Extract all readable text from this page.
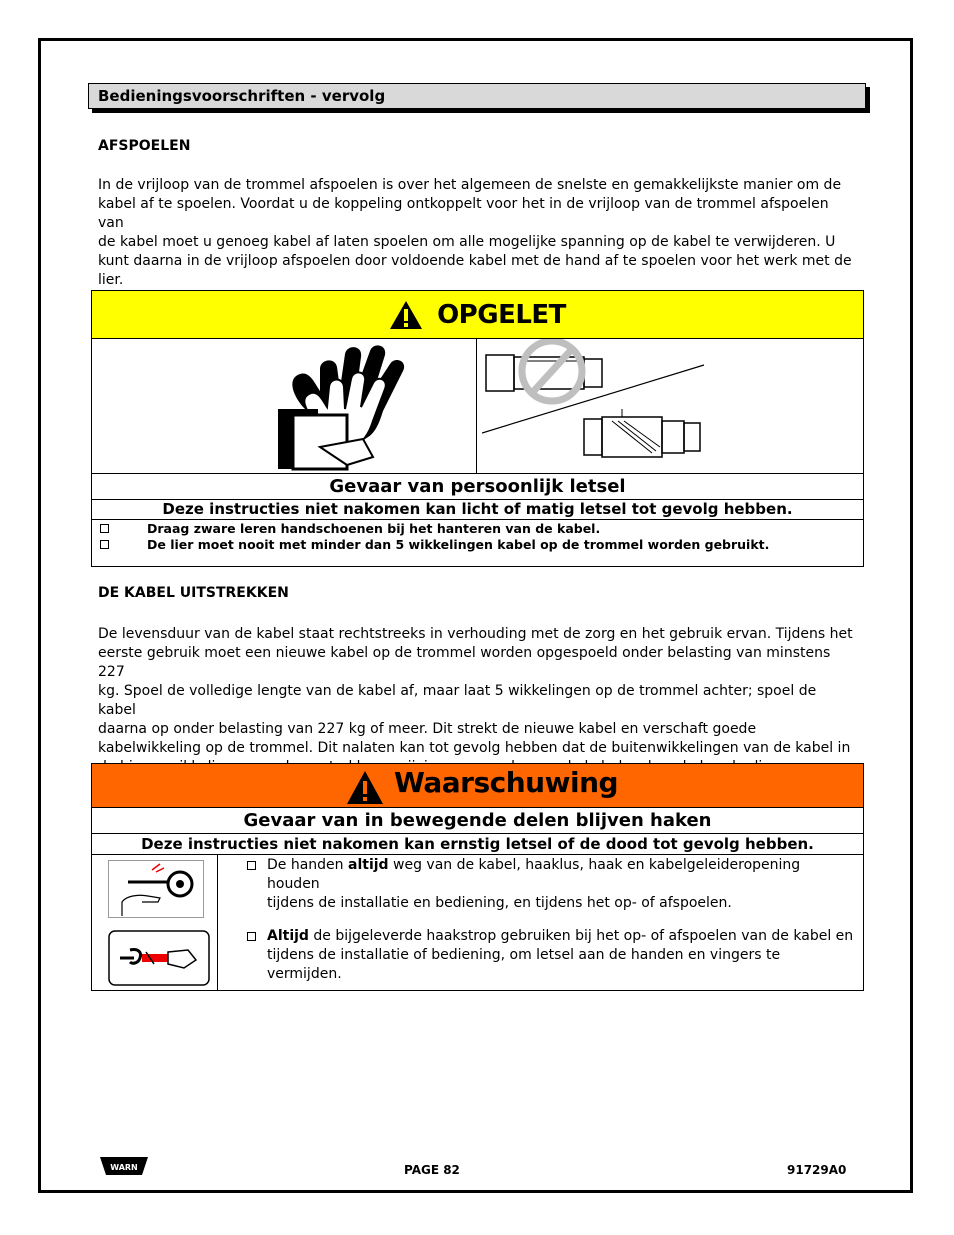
Bedieningsvoorschriften - vervolg
AFSPOELEN
In de vrijloop van de trommel afspoelen is over het algemeen de snelste en gemakkelijkste manier om de
kabel af te spoelen. Voordat u de koppeling ontkoppelt voor het in de vrijloop van de trommel afspoelen van
de kabel moet u genoeg kabel af laten spoelen om alle mogelijke spanning op de kabel te verwijderen. U
kunt daarna in de vrijloop afspoelen door voldoende kabel met de hand af te spoelen voor het werk met de
lier.
OPGELET
Gevaar van persoonlijk letsel
Deze instructies niet nakomen kan licht of matig letsel tot gevolg hebben.
Draag zware leren handschoenen bij het hanteren van de kabel.
De lier moet nooit met minder dan 5 wikkelingen kabel op de trommel worden gebruikt.
DE KABEL UITSTREKKEN
De levensduur van de kabel staat rechtstreeks in verhouding met de zorg en het gebruik ervan. Tijdens het
eerste gebruik moet een nieuwe kabel op de trommel worden opgespoeld onder belasting van minstens 227
kg. Spoel de volledige lengte van de kabel af, maar laat 5 wikkelingen op de trommel achter; spoel de kabel
daarna op onder belasting van 227 kg of meer. Dit strekt de nieuwe kabel en verschaft goede
kabelwikkeling op de trommel. Dit nalaten kan tot gevolg hebben dat de buitenwikkelingen van de kabel in
Waarschuwing
Gevaar van in bewegende delen blijven haken
Deze instructies niet nakomen kan ernstig letsel of de dood tot gevolg hebben.
De handen altijd weg van de kabel, haaklus, haak en kabelgeleideropening houden
tijdens de installatie en bediening, en tijdens het op- of afspoelen.
Altijd de bijgeleverde haakstrop gebruiken bij het op- of afspoelen van de kabel en
tijdens de installatie of bediening, om letsel aan de handen en vingers te vermijden.
WARN	PAGE 82	91729A0
